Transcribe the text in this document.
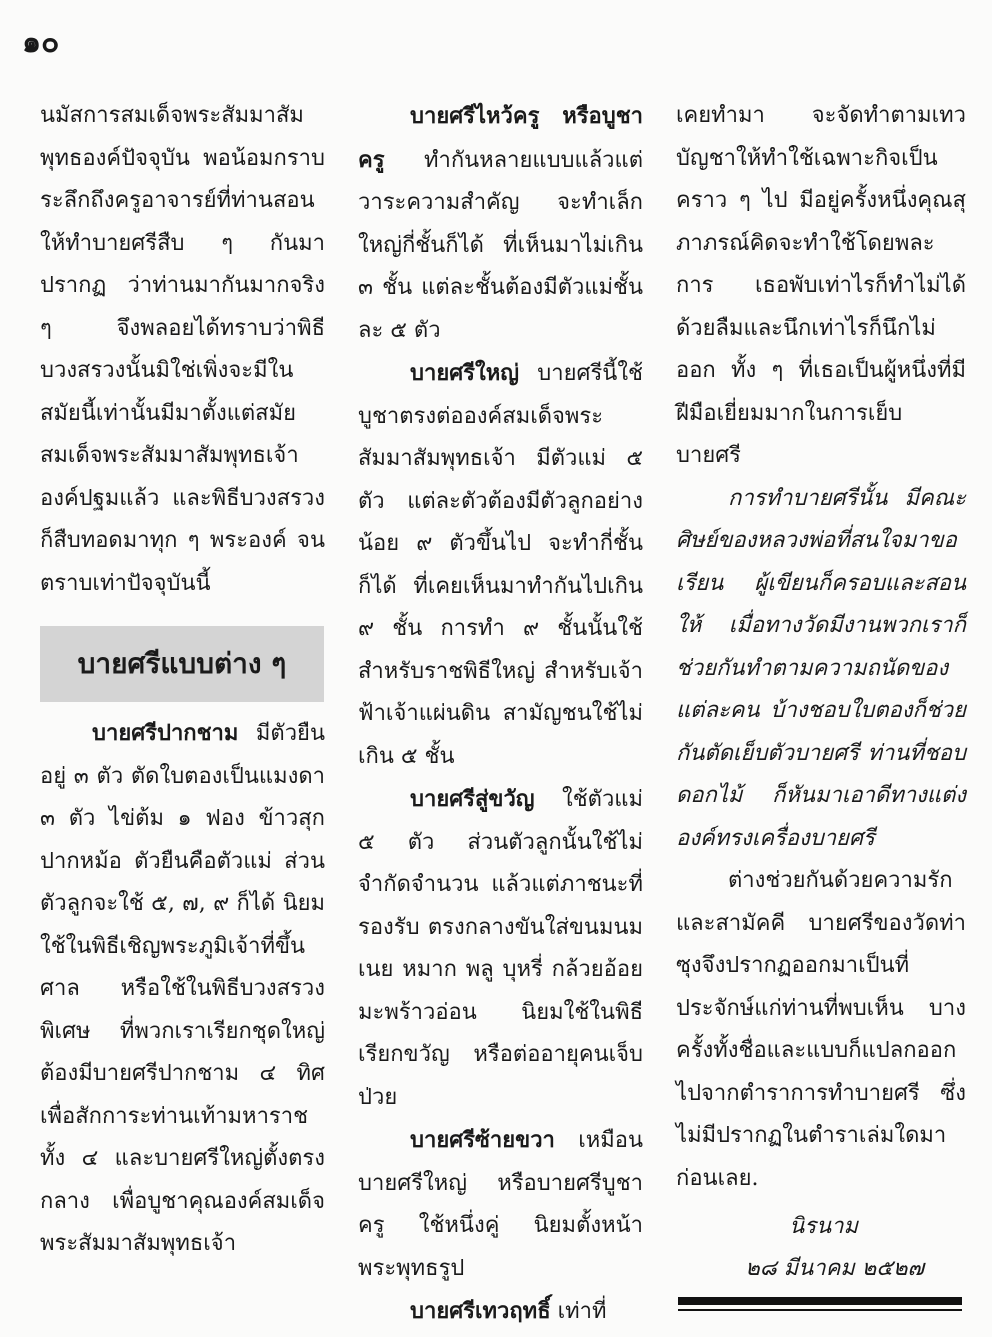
๑๐

นมัสการสมเด็จพระสัมมาสัมพุทธองค์ปัจจุบัน พอน้อมกราบระลึกถึงครูอาจารย์ที่ท่านสอนให้ทำบายศรีสืบ ๆ กันมา ปรากฏ ว่าท่านมากันมากจริง ๆ จึงพลอยได้ทราบว่าพิธีบวงสรวงนั้นมิใช่เพิ่งจะมีในสมัยนี้เท่านั้นมีมาตั้งแต่สมัยสมเด็จพระสัมมาสัมพุทธเจ้าองค์ปฐมแล้ว และพิธีบวงสรวงก็สืบทอดมาทุก ๆ พระองค์ จนตราบเท่าปัจจุบันนี้

บายศรีแบบต่าง ๆ

บายศรีปากชาม มีตัวยืนอยู่ ๓ ตัว ตัดใบตองเป็นแมงดา ๓ ตัว ไข่ต้ม ๑ ฟอง ข้าวสุกปากหม้อ ตัวยืนคือตัวแม่ ส่วนตัวลูกจะใช้ ๕, ๗, ๙ ก็ได้ นิยมใช้ในพิธีเชิญพระภูมิเจ้าที่ขึ้นศาล หรือใช้ในพิธีบวงสรวงพิเศษ ที่พวกเราเรียกชุดใหญ่ ต้องมีบายศรีปากชาม ๔ ทิศ เพื่อสักการะท่านเท้ามหาราชทั้ง ๔ และบายศรีใหญ่ตั้งตรงกลาง เพื่อบูชาคุณองค์สมเด็จพระสัมมาสัมพุทธเจ้า

บายศรีไหว้ครู หรือบูชาครู ทำกันหลายแบบแล้วแต่วาระความสำคัญ จะทำเล็กใหญ่กี่ชั้นก็ได้ ที่เห็นมาไม่เกิน ๓ ชั้น แต่ละชั้นต้องมีตัวแม่ชั้นละ ๕ ตัว

บายศรีใหญ่ บายศรีนี้ใช้บูชาตรงต่อองค์สมเด็จพระสัมมาสัมพุทธเจ้า มีตัวแม่ ๕ ตัว แต่ละตัวต้องมีตัวลูกอย่างน้อย ๙ ตัวขึ้นไป จะทำกี่ชั้นก็ได้ ที่เคยเห็นมาทำกันไปเกิน ๙ ชั้น การทำ ๙ ชั้นนั้นใช้สำหรับราชพิธีใหญ่ สำหรับเจ้าฟ้าเจ้าแผ่นดิน สามัญชนใช้ไม่เกิน ๕ ชั้น

บายศรีสู่ขวัญ ใช้ตัวแม่ ๕ ตัว ส่วนตัวลูกนั้นใช้ไม่จำกัดจำนวน แล้วแต่ภาชนะที่รองรับ ตรงกลางขันใส่ขนมนม เนย หมาก พลู บุหรี่ กล้วยอ้อย มะพร้าวอ่อน นิยมใช้ในพิธีเรียกขวัญ หรือต่ออายุคนเจ็บป่วย

บายศรีซ้ายขวา เหมือนบายศรีใหญ่ หรือบายศรีบูชาครู ใช้หนึ่งคู่ นิยมตั้งหน้าพระพุทธรูป

บายศรีเทวฤทธิ์ เท่าที่

เคยทำมา จะจัดทำตามเทวบัญชาให้ทำใช้เฉพาะกิจเป็นคราว ๆ ไป มีอยู่ครั้งหนึ่งคุณสุภาภรณ์คิดจะทำใช้โดยพละการ เธอพับเท่าไรก็ทำไม่ได้ด้วยลืมและนึกเท่าไรก็นึกไม่ออก ทั้ง ๆ ที่เธอเป็นผู้หนึ่งที่มีฝีมือเยี่ยมมากในการเย็บบายศรี

การทำบายศรีนั้น มีคณะศิษย์ของหลวงพ่อที่สนใจมาขอเรียน ผู้เขียนก็ครอบและสอนให้ เมื่อทางวัดมีงานพวกเราก็ช่วยกันทำตามความถนัดของแต่ละคน บ้างชอบใบตองก็ช่วยกันตัดเย็บตัวบายศรี ท่านที่ชอบดอกไม้ ก็หันมาเอาดีทางแต่งองค์ทรงเครื่องบายศรี

ต่างช่วยกันด้วยความรักและสามัคคี บายศรีของวัดท่าซุงจึงปรากฏออกมาเป็นที่ประจักษ์แก่ท่านที่พบเห็น บางครั้งทั้งชื่อและแบบก็แปลกออกไปจากตำราการทำบายศรี ซึ่งไม่มีปรากฏในตำราเล่มใดมาก่อนเลย.

นิรนาม
๒๘ มีนาคม ๒๕๒๗
